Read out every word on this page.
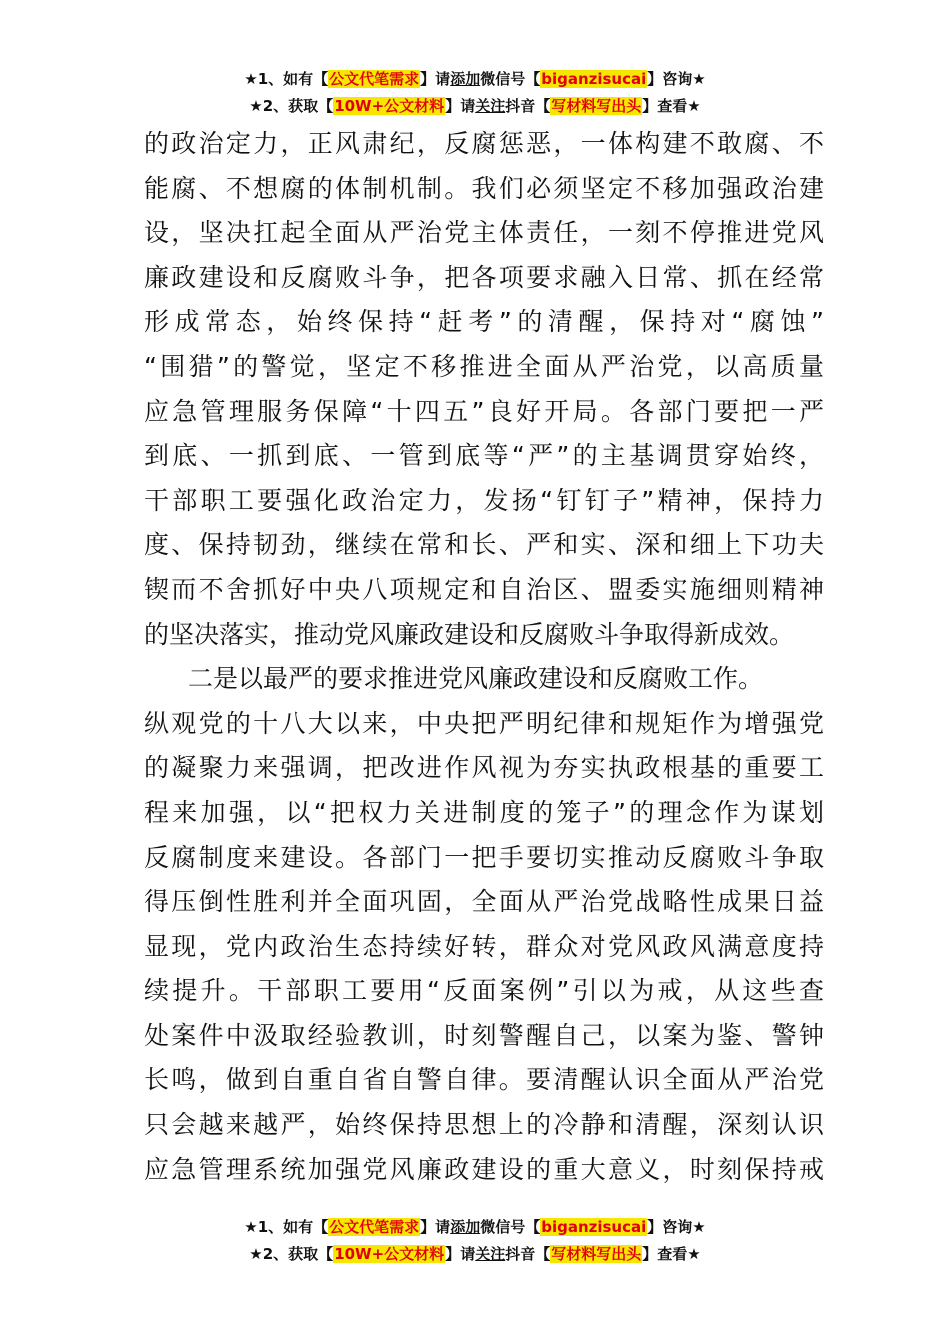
★1、如有【公文代笔需求】请添加微信号【biganzisucai】咨询★
★2、获取【10W+公文材料】请关注抖音【写材料写出头】查看★
的政治定力，正风肃纪，反腐惩恶，一体构建不敢腐、不
能腐、不想腐的体制机制。我们必须坚定不移加强政治建
设，坚决扛起全面从严治党主体责任，一刻不停推进党风
廉政建设和反腐败斗争，把各项要求融入日常、抓在经常
形成常态，始终保持“赶考”的清醒，保持对“腐蚀”
“围猎”的警觉，坚定不移推进全面从严治党，以高质量
应急管理服务保障“十四五”良好开局。各部门要把一严
到底、一抓到底、一管到底等“严”的主基调贯穿始终，
干部职工要强化政治定力，发扬“钉钉子”精神，保持力
度、保持韧劲，继续在常和长、严和实、深和细上下功夫
锲而不舍抓好中央八项规定和自治区、盟委实施细则精神
的坚决落实，推动党风廉政建设和反腐败斗争取得新成效。
二是以最严的要求推进党风廉政建设和反腐败工作。
纵观党的十八大以来，中央把严明纪律和规矩作为增强党
的凝聚力来强调，把改进作风视为夯实执政根基的重要工
程来加强，以“把权力关进制度的笼子”的理念作为谋划
反腐制度来建设。各部门一把手要切实推动反腐败斗争取
得压倒性胜利并全面巩固，全面从严治党战略性成果日益
显现，党内政治生态持续好转，群众对党风政风满意度持
续提升。干部职工要用“反面案例”引以为戒，从这些查
处案件中汲取经验教训，时刻警醒自己，以案为鉴、警钟
长鸣，做到自重自省自警自律。要清醒认识全面从严治党
只会越来越严，始终保持思想上的冷静和清醒，深刻认识
应急管理系统加强党风廉政建设的重大意义，时刻保持戒
★1、如有【公文代笔需求】请添加微信号【biganzisucai】咨询★
★2、获取【10W+公文材料】请关注抖音【写材料写出头】查看★
